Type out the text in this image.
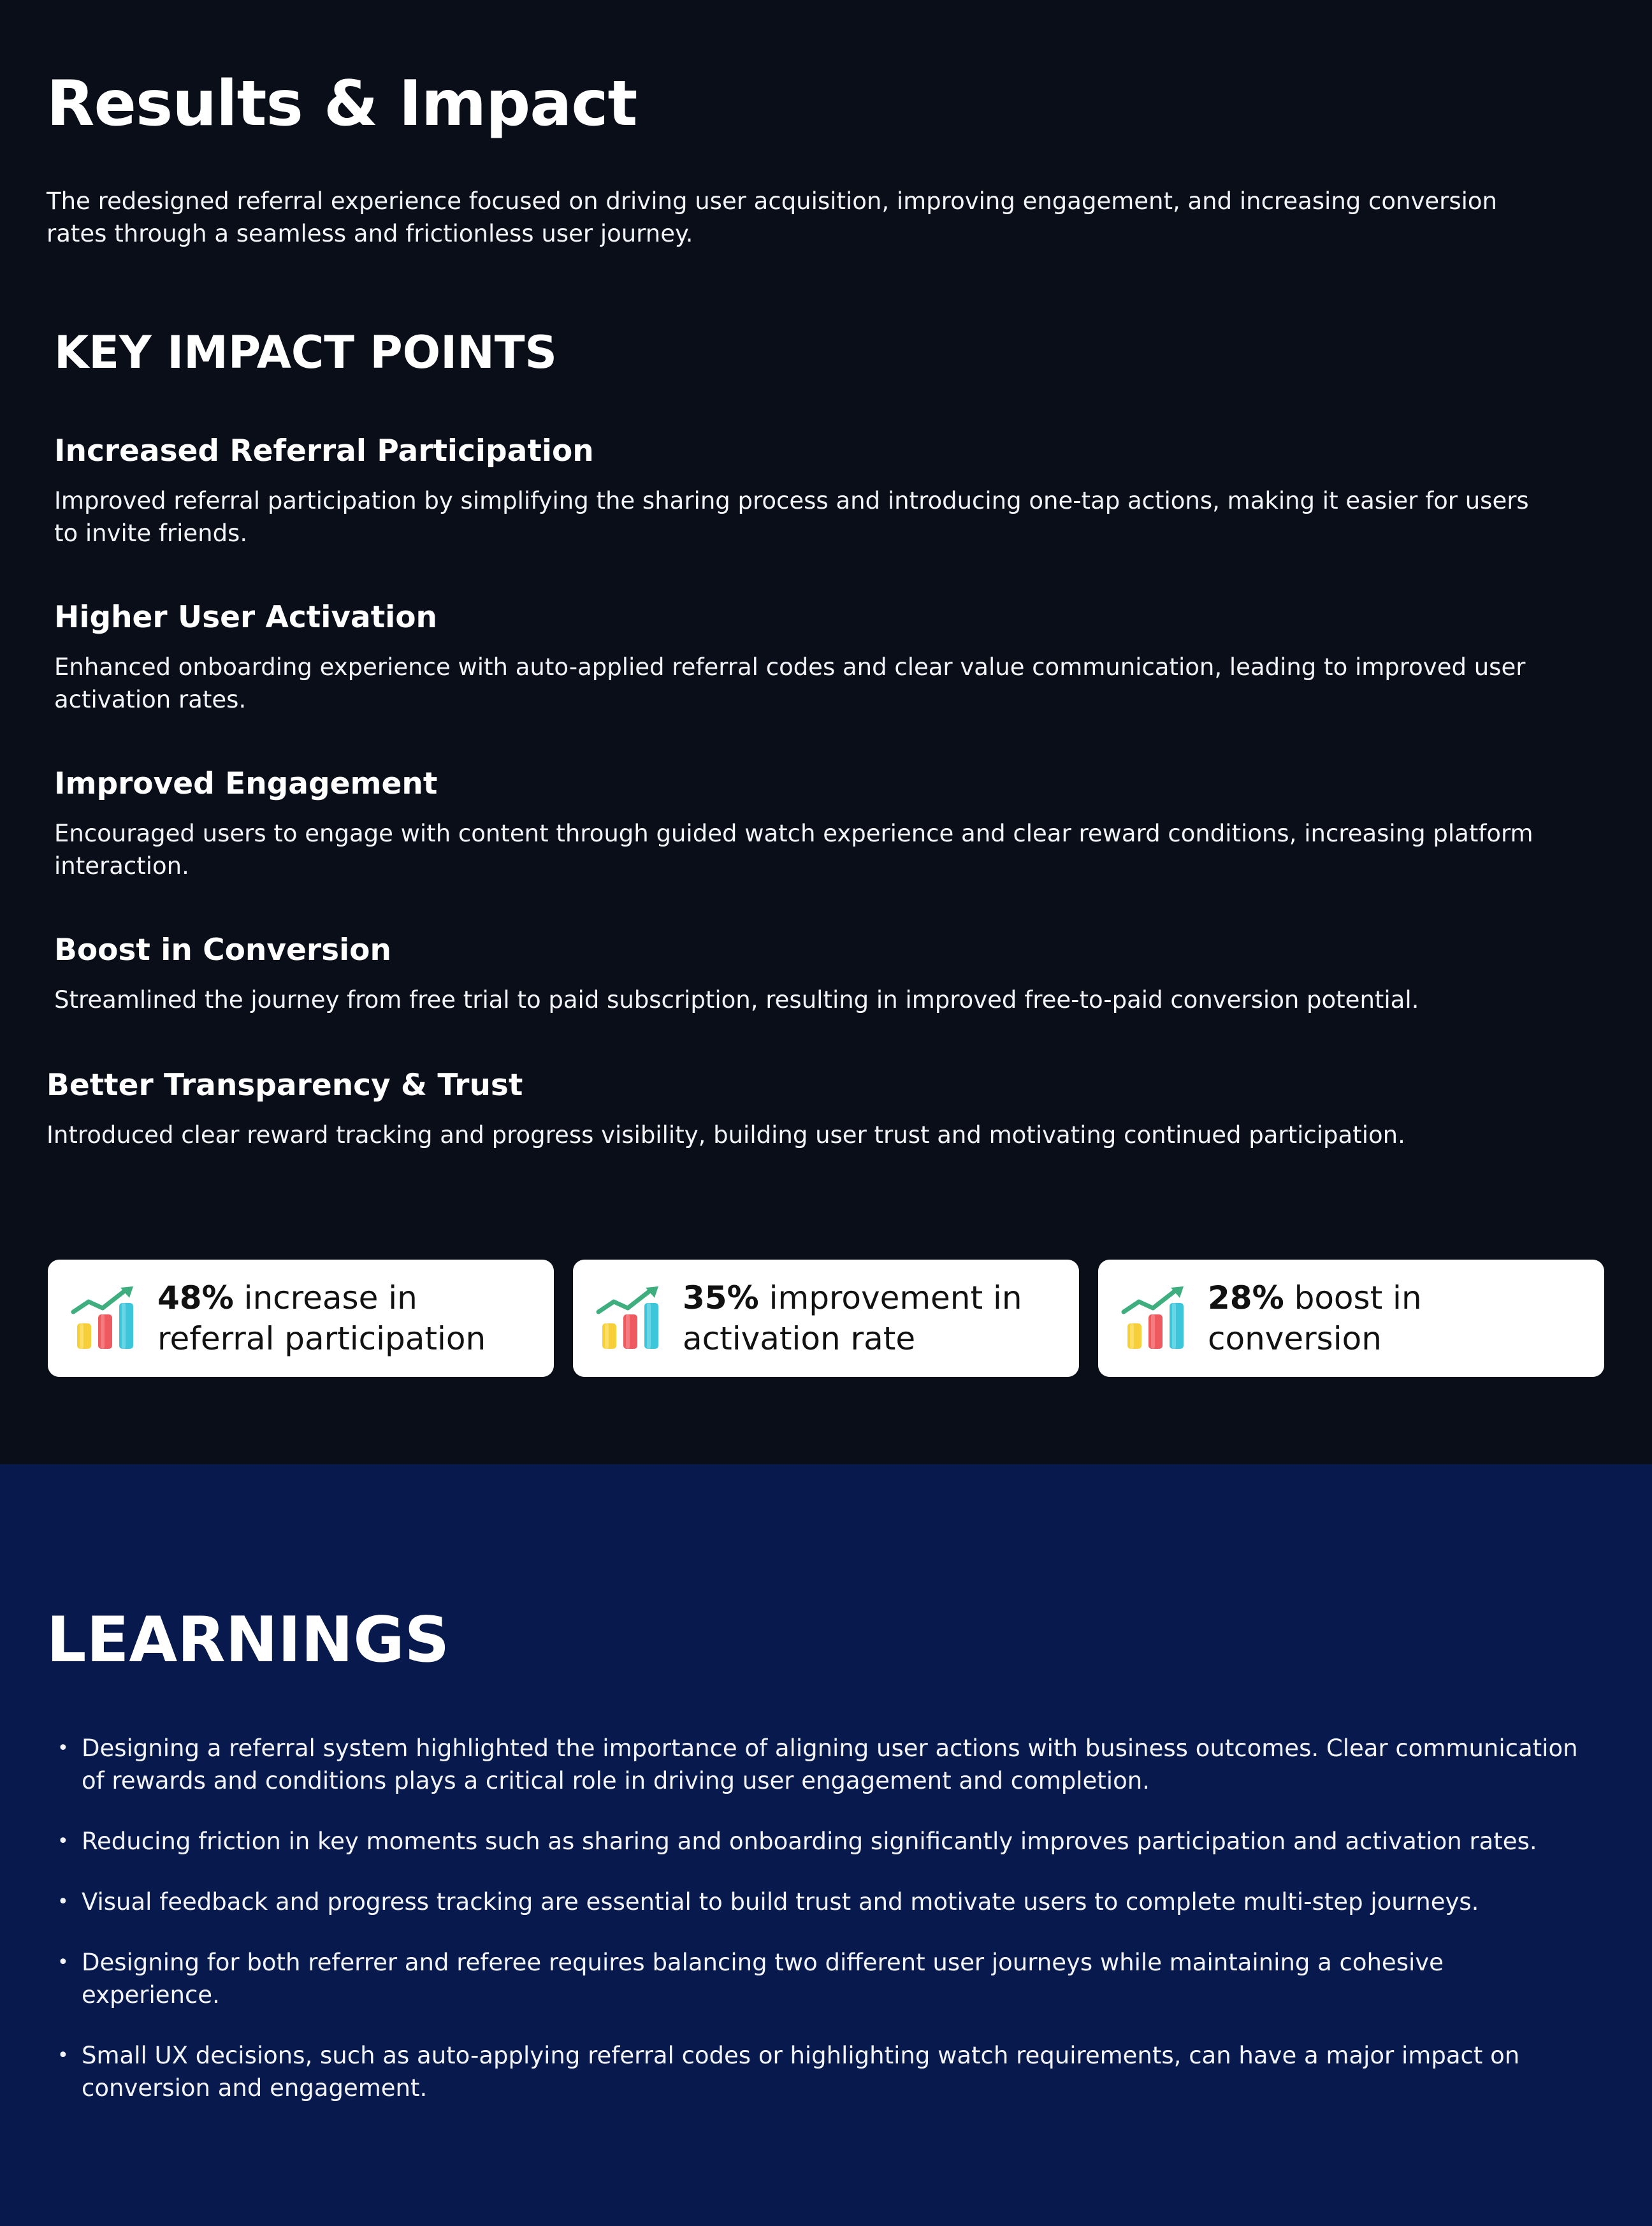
Results & Impact

The redesigned referral experience focused on driving user acquisition, improving engagement, and increasing conversion rates through a seamless and frictionless user journey.

KEY IMPACT POINTS
Increased Referral Participation

Improved referral participation by simplifying the sharing process and introducing one-tap actions, making it easier for users to invite friends.

Higher User Activation

Enhanced onboarding experience with auto-applied referral codes and clear value communication, leading to improved user activation rates.

Improved Engagement

Encouraged users to engage with content through guided watch experience and clear reward conditions, increasing platform interaction.

Boost in Conversion

Streamlined the journey from free trial to paid subscription, resulting in improved free-to-paid conversion potential.

Better Transparency & Trust

Introduced clear reward tracking and progress visibility, building user trust and motivating continued participation.

48% increase in referral participation
35% improvement in activation rate
28% boost in conversion
LEARNINGS
• Designing a referral system highlighted the importance of aligning user actions with business outcomes. Clear communication of rewards and conditions plays a critical role in driving user engagement and completion.
• Reducing friction in key moments such as sharing and onboarding significantly improves participation and activation rates.
• Visual feedback and progress tracking are essential to build trust and motivate users to complete multi-step journeys.
• Designing for both referrer and referee requires balancing two different user journeys while maintaining a cohesive experience.
• Small UX decisions, such as auto-applying referral codes or highlighting watch requirements, can have a major impact on conversion and engagement.
